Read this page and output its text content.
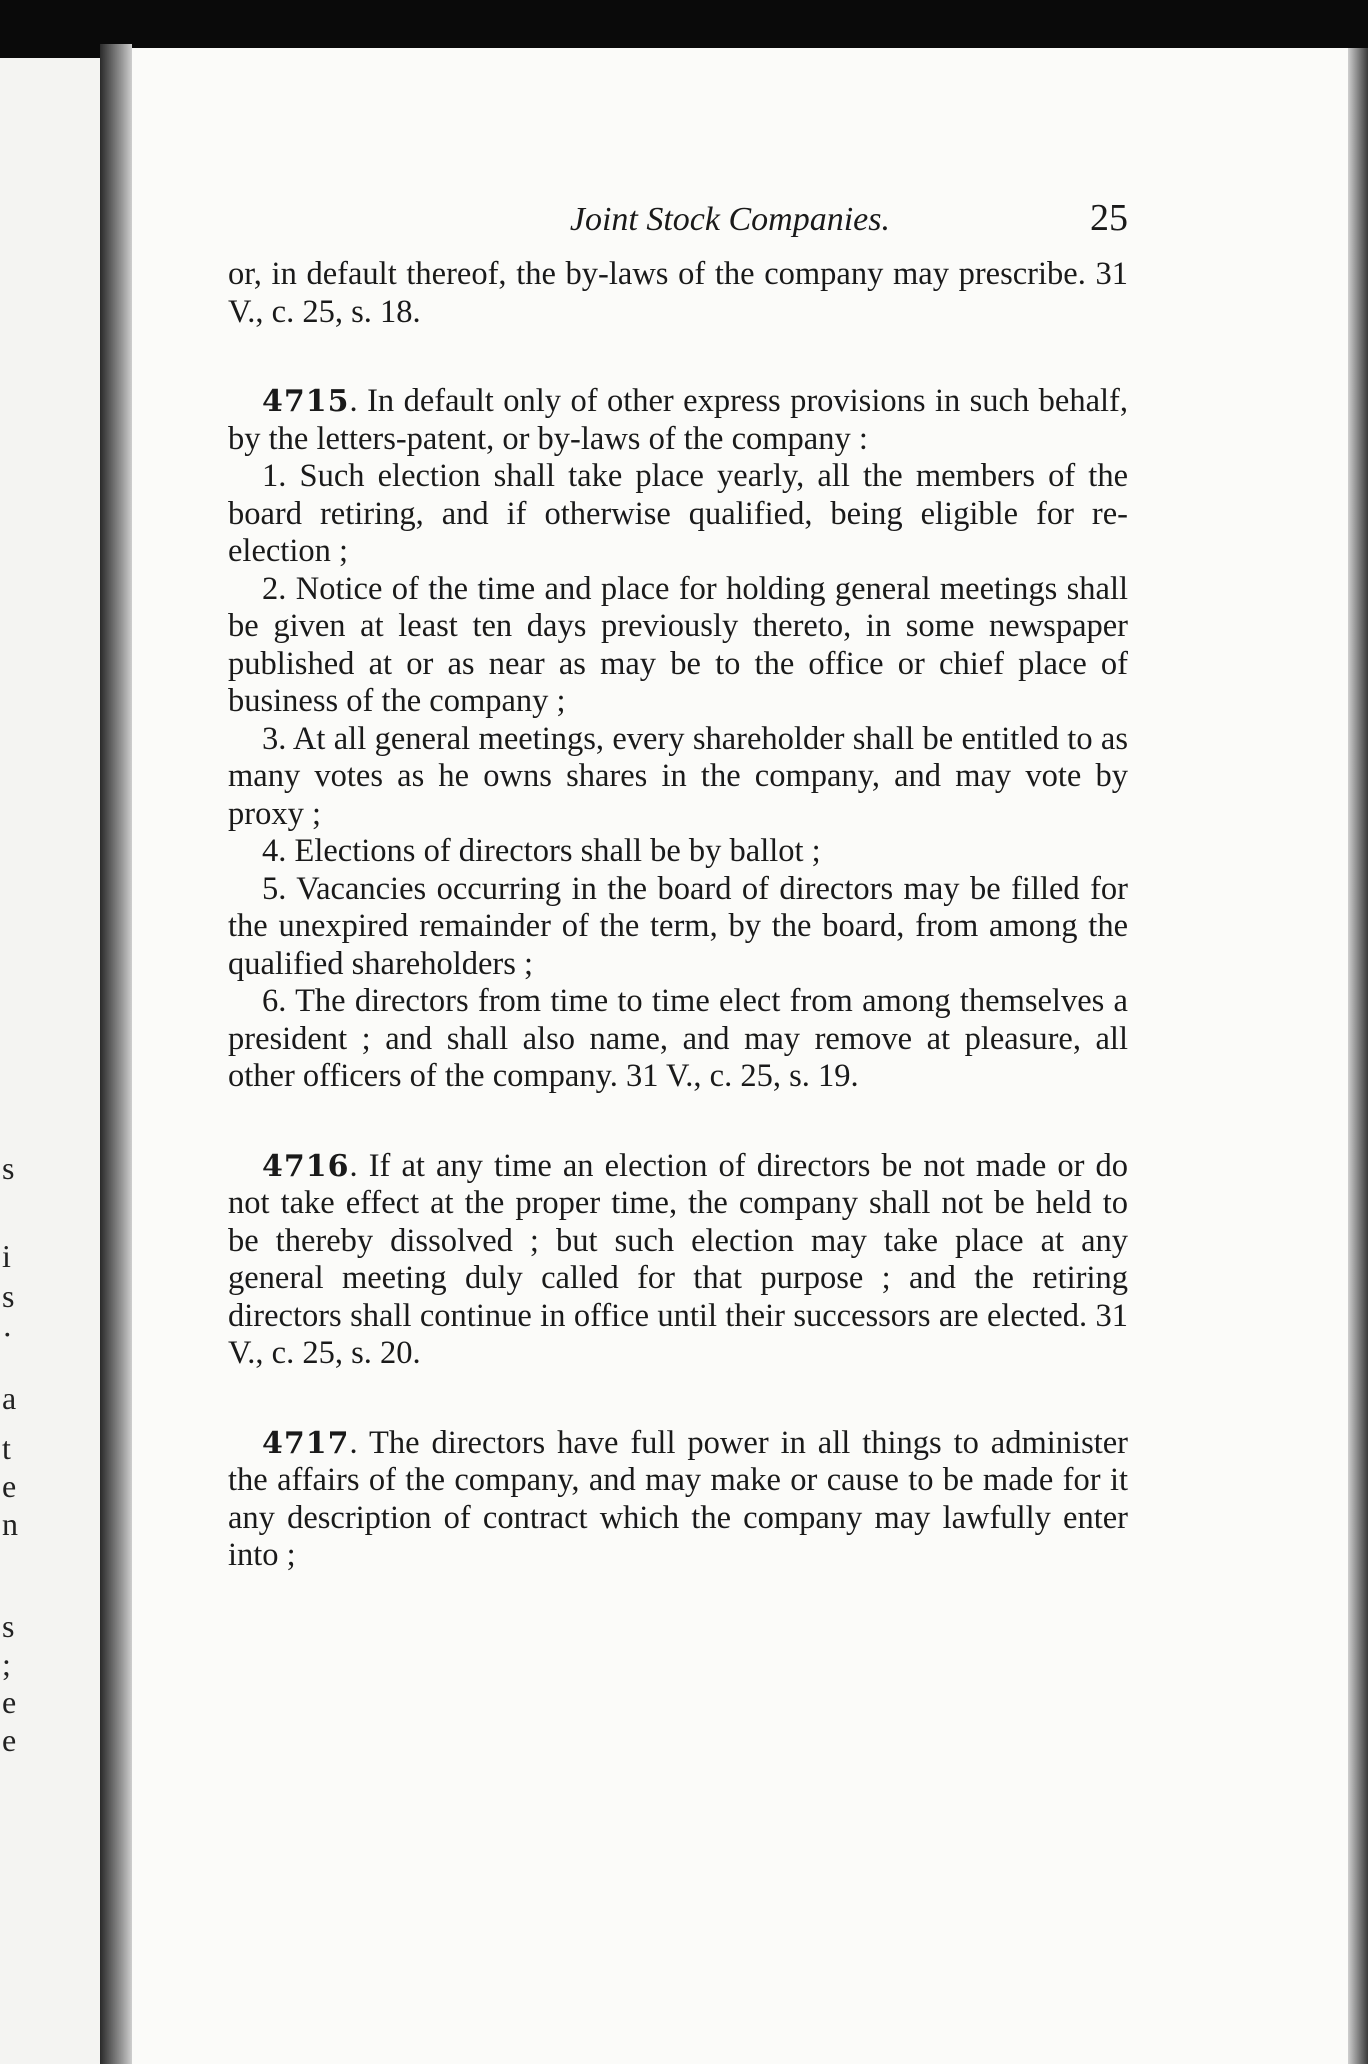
s
i
s
·
a
t
e
n
s
;
e
e
Joint Stock Companies.	25

or, in default thereof, the by-laws of the company may prescribe. 31 V., c. 25, s. 18.

4715. In default only of other express provisions in such behalf, by the letters-patent, or by-laws of the company :

1. Such election shall take place yearly, all the members of the board retiring, and if otherwise qualified, being eligible for re-election ;

2. Notice of the time and place for holding general meetings shall be given at least ten days previously thereto, in some newspaper published at or as near as may be to the office or chief place of business of the company ;

3. At all general meetings, every shareholder shall be entitled to as many votes as he owns shares in the company, and may vote by proxy ;

4. Elections of directors shall be by ballot ;

5. Vacancies occurring in the board of directors may be filled for the unexpired remainder of the term, by the board, from among the qualified shareholders ;

6. The directors from time to time elect from among themselves a president ; and shall also name, and may remove at pleasure, all other officers of the company. 31 V., c. 25, s. 19.

4716. If at any time an election of directors be not made or do not take effect at the proper time, the company shall not be held to be thereby dissolved ; but such election may take place at any general meeting duly called for that purpose ; and the retiring directors shall continue in office until their successors are elected. 31 V., c. 25, s. 20.

4717. The directors have full power in all things to administer the affairs of the company, and may make or cause to be made for it any description of contract which the company may lawfully enter into ;
